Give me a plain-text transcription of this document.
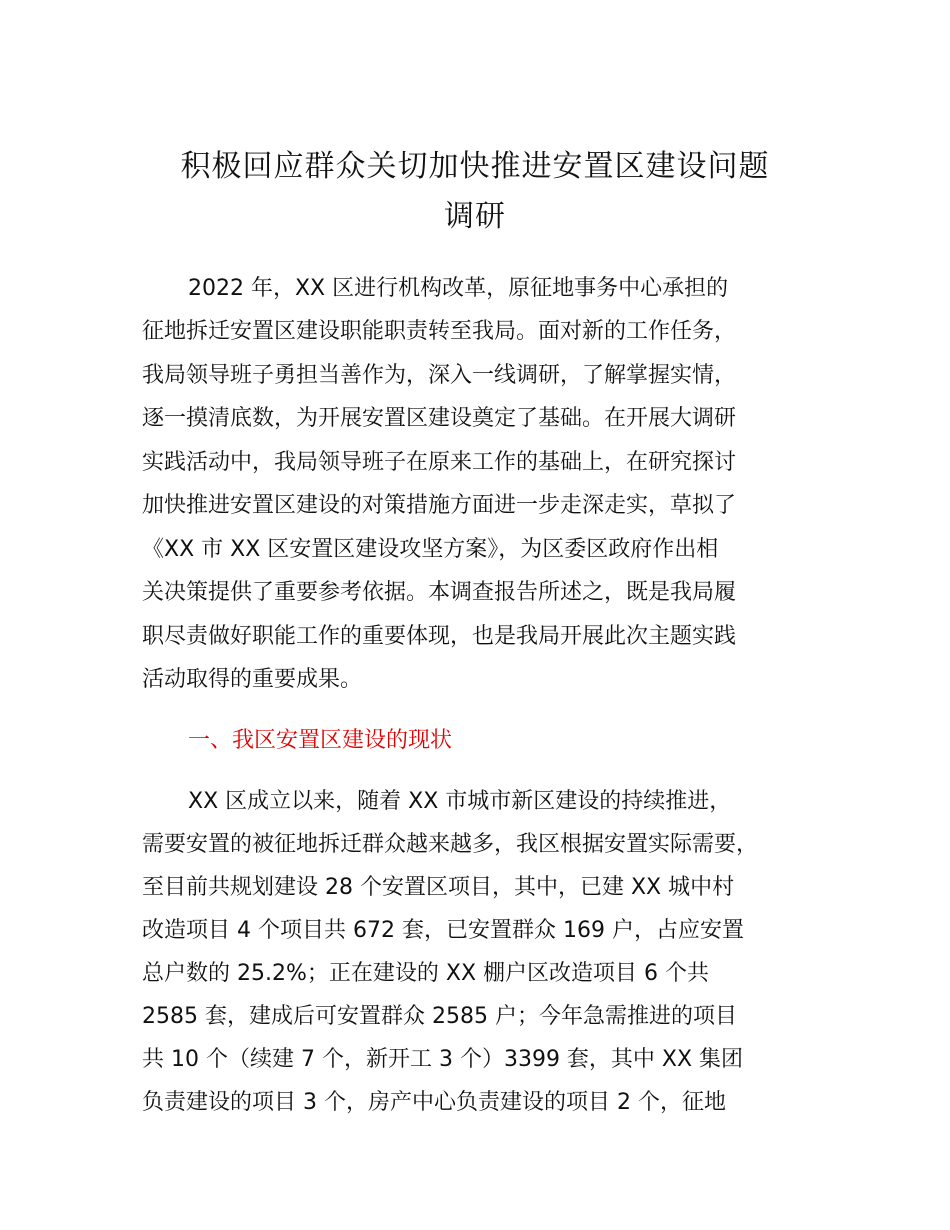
积极回应群众关切加快推进安置区建设问题
调研

2022 年，XX 区进行机构改革，原征地事务中心承担的

征地拆迁安置区建设职能职责转至我局。面对新的工作任务，

我局领导班子勇担当善作为，深入一线调研，了解掌握实情，

逐一摸清底数，为开展安置区建设奠定了基础。在开展大调研

实践活动中，我局领导班子在原来工作的基础上，在研究探讨

加快推进安置区建设的对策措施方面进一步走深走实，草拟了

《XX 市 XX 区安置区建设攻坚方案》，为区委区政府作出相

关决策提供了重要参考依据。本调查报告所述之，既是我局履

职尽责做好职能工作的重要体现，也是我局开展此次主题实践

活动取得的重要成果。

一、我区安置区建设的现状

XX 区成立以来，随着 XX 市城市新区建设的持续推进，

需要安置的被征地拆迁群众越来越多，我区根据安置实际需要，

至目前共规划建设 28 个安置区项目，其中，已建 XX 城中村

改造项目 4 个项目共 672 套，已安置群众 169 户，占应安置

总户数的 25.2%；正在建设的 XX 棚户区改造项目 6 个共

2585 套，建成后可安置群众 2585 户；今年急需推进的项目

共 10 个（续建 7 个，新开工 3 个）3399 套，其中 XX 集团

负责建设的项目 3 个，房产中心负责建设的项目 2 个，征地
